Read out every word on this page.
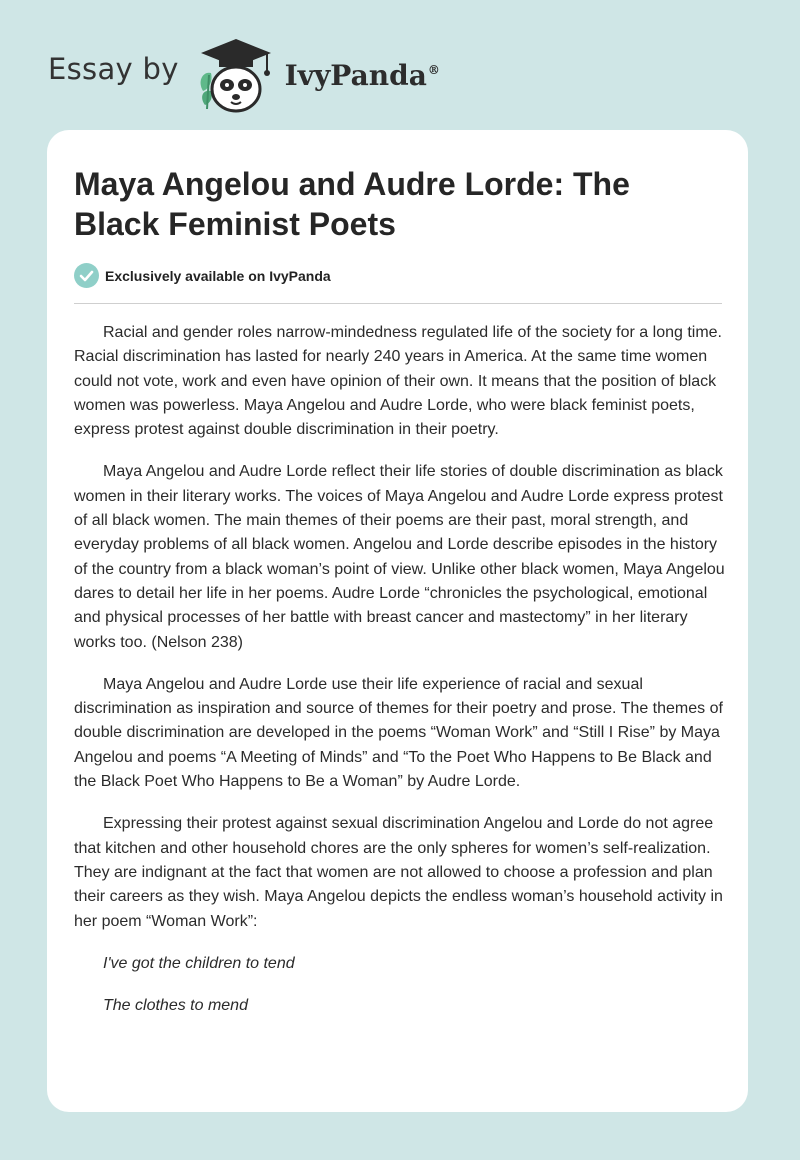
Essay by	IvyPanda®
Maya Angelou and Audre Lorde: The Black Feminist Poets
Exclusively available on IvyPanda

Racial and gender roles narrow-mindedness regulated life of the society for a long time. Racial discrimination has lasted for nearly 240 years in America. At the same time women could not vote, work and even have opinion of their own. It means that the position of black women was powerless. Maya Angelou and Audre Lorde, who were black feminist poets, express protest against double discrimination in their poetry.

Maya Angelou and Audre Lorde reflect their life stories of double discrimination as black women in their literary works. The voices of Maya Angelou and Audre Lorde express protest of all black women. The main themes of their poems are their past, moral strength, and everyday problems of all black women. Angelou and Lorde describe episodes in the history of the country from a black woman’s point of view. Unlike other black women, Maya Angelou dares to detail her life in her poems. Audre Lorde “chronicles the psychological, emotional and physical processes of her battle with breast cancer and mastectomy” in her literary works too. (Nelson 238)

Maya Angelou and Audre Lorde use their life experience of racial and sexual discrimination as inspiration and source of themes for their poetry and prose. The themes of double discrimination are developed in the poems “Woman Work” and “Still I Rise” by Maya Angelou and poems “A Meeting of Minds” and “To the Poet Who Happens to Be Black and the Black Poet Who Happens to Be a Woman” by Audre Lorde.

Expressing their protest against sexual discrimination Angelou and Lorde do not agree that kitchen and other household chores are the only spheres for women’s self-realization. They are indignant at the fact that women are not allowed to choose a profession and plan their careers as they wish. Maya Angelou depicts the endless woman’s household activity in her poem “Woman Work”:

I've got the children to tend

The clothes to mend
